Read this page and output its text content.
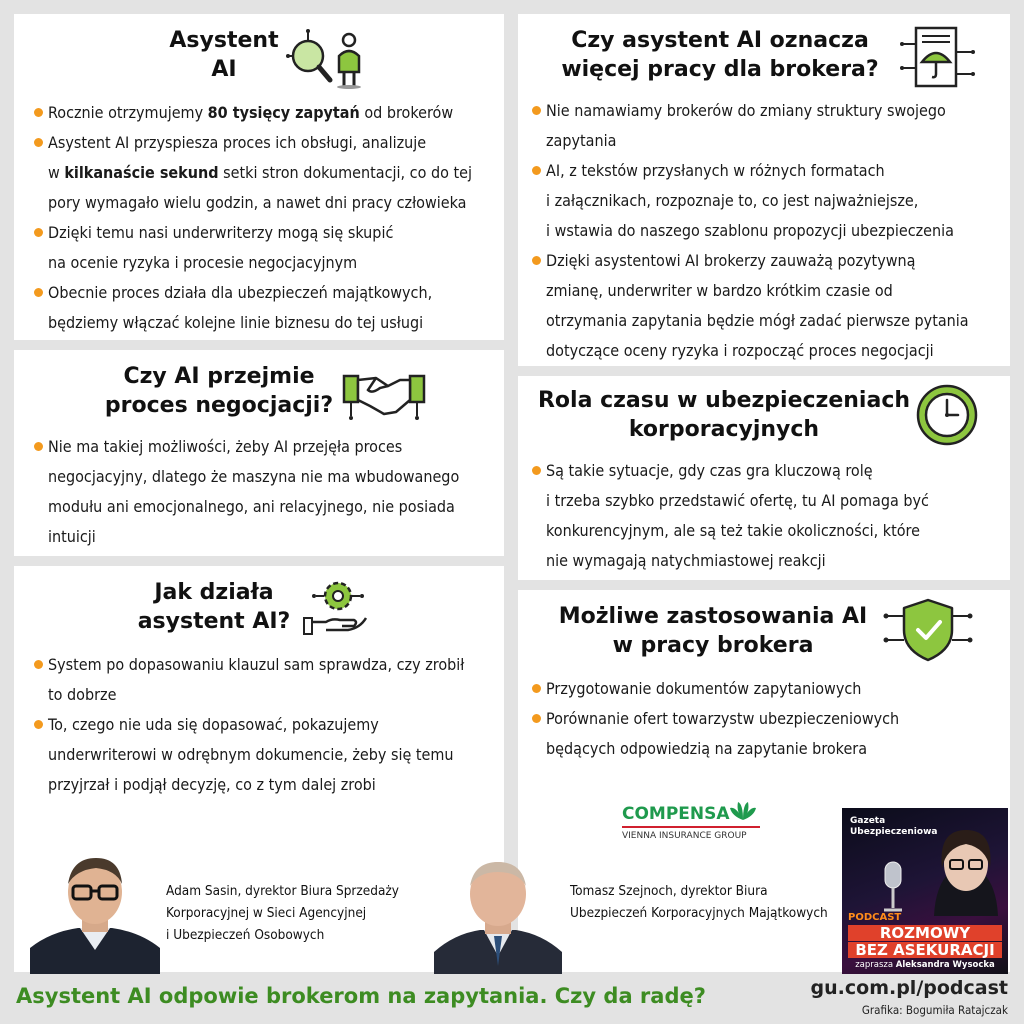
Asystent
AI
Rocznie otrzymujemy 80 tysięcy zapytań od brokerów
Asystent AI przyspiesza proces ich obsługi, analizuje
w kilkanaście sekund setki stron dokumentacji, co do tej
pory wymagało wielu godzin, a nawet dni pracy człowieka
Dzięki temu nasi underwriterzy mogą się skupić
na ocenie ryzyka i procesie negocjacyjnym
Obecnie proces działa dla ubezpieczeń majątkowych,
będziemy włączać kolejne linie biznesu do tej usługi
Czy AI przejmie
proces negocjacji?
Nie ma takiej możliwości, żeby AI przejęła proces
negocjacyjny, dlatego że maszyna nie ma wbudowanego
modułu ani emocjonalnego, ani relacyjnego, nie posiada
intuicji
Jak działa
asystent AI?
System po dopasowaniu klauzul sam sprawdza, czy zrobił
to dobrze
To, czego nie uda się dopasować, pokazujemy
underwriterowi w odrębnym dokumencie, żeby się temu
przyjrzał i podjął decyzję, co z tym dalej zrobi
Czy asystent AI oznacza
więcej pracy dla brokera?
Nie namawiamy brokerów do zmiany struktury swojego
zapytania
AI, z tekstów przysłanych w różnych formatach
i załącznikach, rozpoznaje to, co jest najważniejsze,
i wstawia do naszego szablonu propozycji ubezpieczenia
Dzięki asystentowi AI brokerzy zauważą pozytywną
zmianę, underwriter w bardzo krótkim czasie od
otrzymania zapytania będzie mógł zadać pierwsze pytania
dotyczące oceny ryzyka i rozpocząć proces negocjacji
Rola czasu w ubezpieczeniach
korporacyjnych
Są takie sytuacje, gdy czas gra kluczową rolę
i trzeba szybko przedstawić ofertę, tu AI pomaga być
konkurencyjnym, ale są też takie okoliczności, które
nie wymagają natychmiastowej reakcji
Możliwe zastosowania AI
w pracy brokera
Przygotowanie dokumentów zapytaniowych
Porównanie ofert towarzystw ubezpieczeniowych
będących odpowiedzią na zapytanie brokera
Adam Sasin, dyrektor Biura Sprzedaży
Korporacyjnej w Sieci Agencyjnej
i Ubezpieczeń Osobowych
Tomasz Szejnoch, dyrektor Biura
Ubezpieczeń Korporacyjnych Majątkowych
COMPENSA
VIENNA INSURANCE GROUP
Gazeta
Ubezpieczeniowa
PODCAST
ROZMOWY
BEZ ASEKURACJI
zaprasza Aleksandra Wysocka
Asystent AI odpowie brokerom na zapytania. Czy da radę?	gu.com.pl/podcast
Grafika: Bogumiła Ratajczak
